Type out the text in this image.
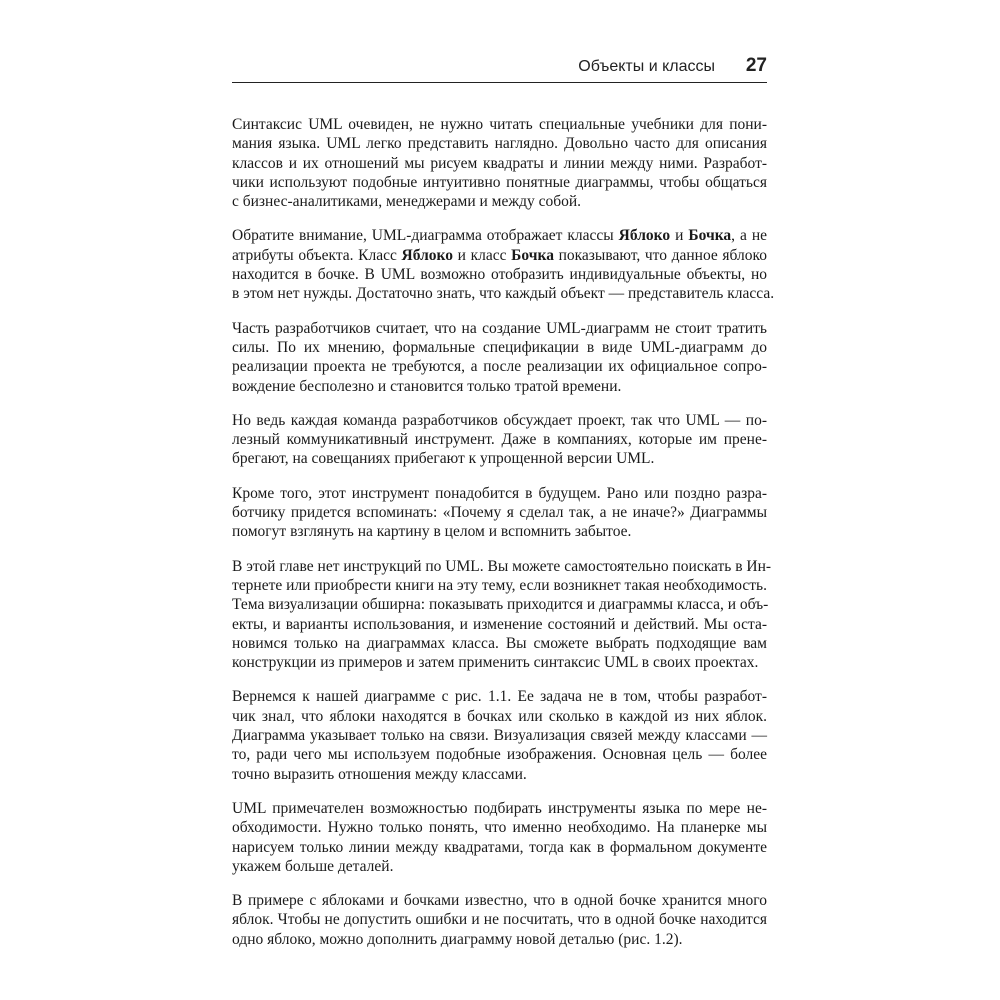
Объекты и классы 27
Синтаксис UML очевиден, не нужно читать специальные учебники для пони-
мания языка. UML легко представить наглядно. Довольно часто для описания
классов и их отношений мы рисуем квадраты и линии между ними. Разработ-
чики используют подобные интуитивно понятные диаграммы, чтобы общаться
с бизнес-аналитиками, менеджерами и между собой.
Обратите внимание, UML-диаграмма отображает классы Яблоко и Бочка, а не
атрибуты объекта. Класс Яблоко и класс Бочка показывают, что данное яблоко
находится в бочке. В UML возможно отобразить индивидуальные объекты, но
в этом нет нужды. Достаточно знать, что каждый объект — представитель класса.
Часть разработчиков считает, что на создание UML-диаграмм не стоит тратить
силы. По их мнению, формальные спецификации в виде UML-диаграмм до
реализации проекта не требуются, а после реализации их официальное сопро-
вождение бесполезно и становится только тратой времени.
Но ведь каждая команда разработчиков обсуждает проект, так что UML — по-
лезный коммуникативный инструмент. Даже в компаниях, которые им прене-
брегают, на совещаниях прибегают к упрощенной версии UML.
Кроме того, этот инструмент понадобится в будущем. Рано или поздно разра-
ботчику придется вспоминать: «Почему я сделал так, а не иначе?» Диаграммы
помогут взглянуть на картину в целом и вспомнить забытое.
В этой главе нет инструкций по UML. Вы можете самостоятельно поискать в Ин-
тернете или приобрести книги на эту тему, если возникнет такая необходимость.
Тема визуализации обширна: показывать приходится и диаграммы класса, и объ-
екты, и варианты использования, и изменение состояний и действий. Мы оста-
новимся только на диаграммах класса. Вы сможете выбрать подходящие вам
конструкции из примеров и затем применить синтаксис UML в своих проектах.
Вернемся к нашей диаграмме с рис. 1.1. Ее задача не в том, чтобы разработ-
чик знал, что яблоки находятся в бочках или сколько в каждой из них яблок.
Диаграмма указывает только на связи. Визуализация связей между классами —
то, ради чего мы используем подобные изображения. Основная цель — более
точно выразить отношения между классами.
UML примечателен возможностью подбирать инструменты языка по мере не-
обходимости. Нужно только понять, что именно необходимо. На планерке мы
нарисуем только линии между квадратами, тогда как в формальном документе
укажем больше деталей.
В примере с яблоками и бочками известно, что в одной бочке хранится много
яблок. Чтобы не допустить ошибки и не посчитать, что в одной бочке находится
одно яблоко, можно дополнить диаграмму новой деталью (рис. 1.2).
